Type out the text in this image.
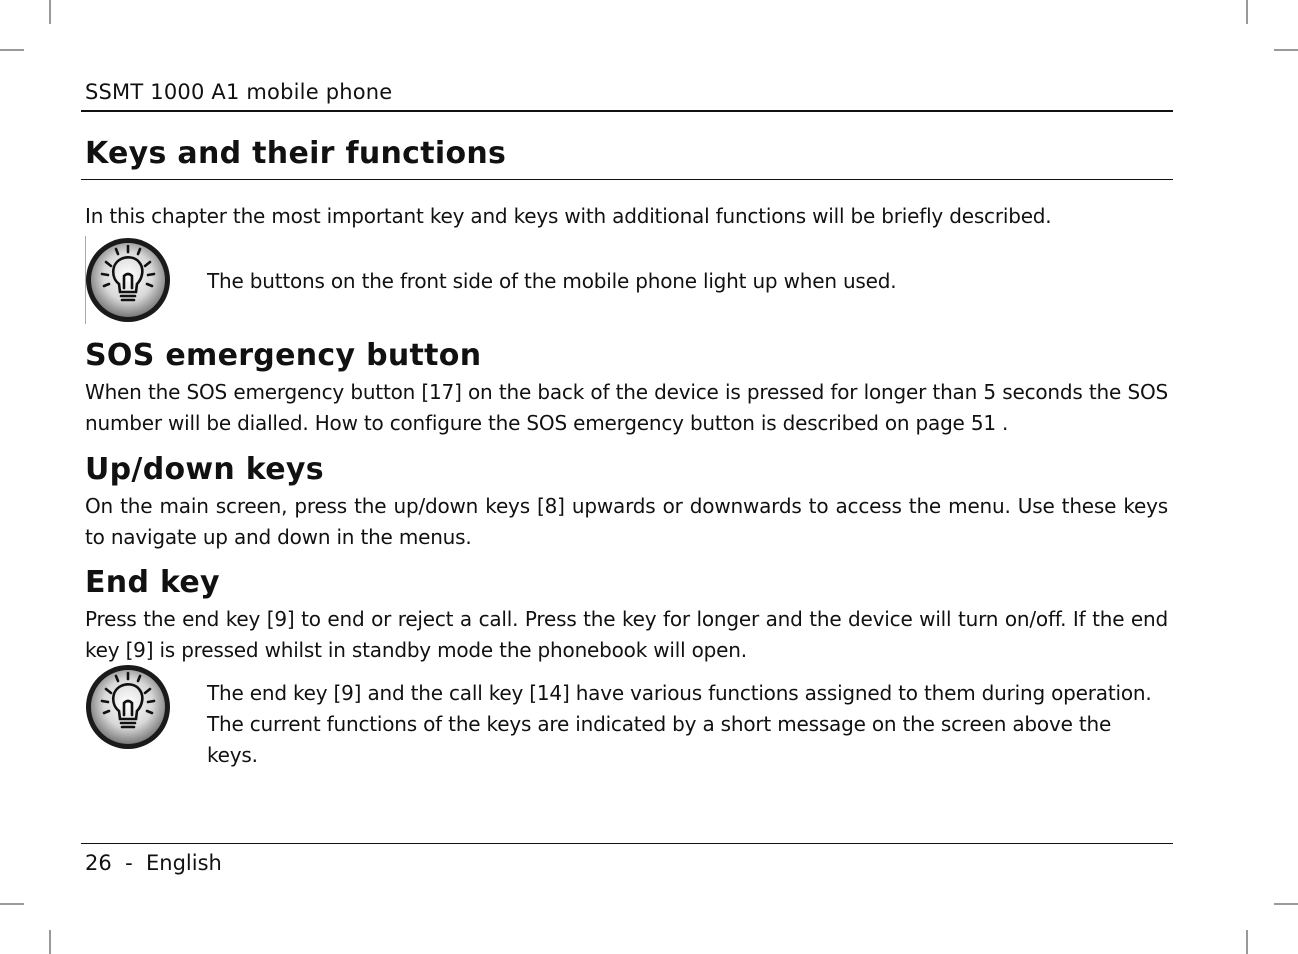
SSMT 1000 A1 mobile phone
Keys and their functions

In this chapter the most important key and keys with additional functions will be briefly described.

The buttons on the front side of the mobile phone light up when used.

SOS emergency button

When the SOS emergency button [17] on the back of the device is pressed for longer than 5 seconds the SOS number will be dialled. How to configure the SOS emergency button is described on page 51 .

Up/down keys

On the main screen, press the up/down keys [8] upwards or downwards to access the menu. Use these keys to navigate up and down in the menus.

End key

Press the end key [9] to end or reject a call. Press the key for longer and the device will turn on/off. If the end key [9] is pressed whilst in standby mode the phonebook will open.

The end key [9] and the call key [14] have various functions assigned to them during operation. The current functions of the keys are indicated by a short message on the screen above the keys.

26  -  English
